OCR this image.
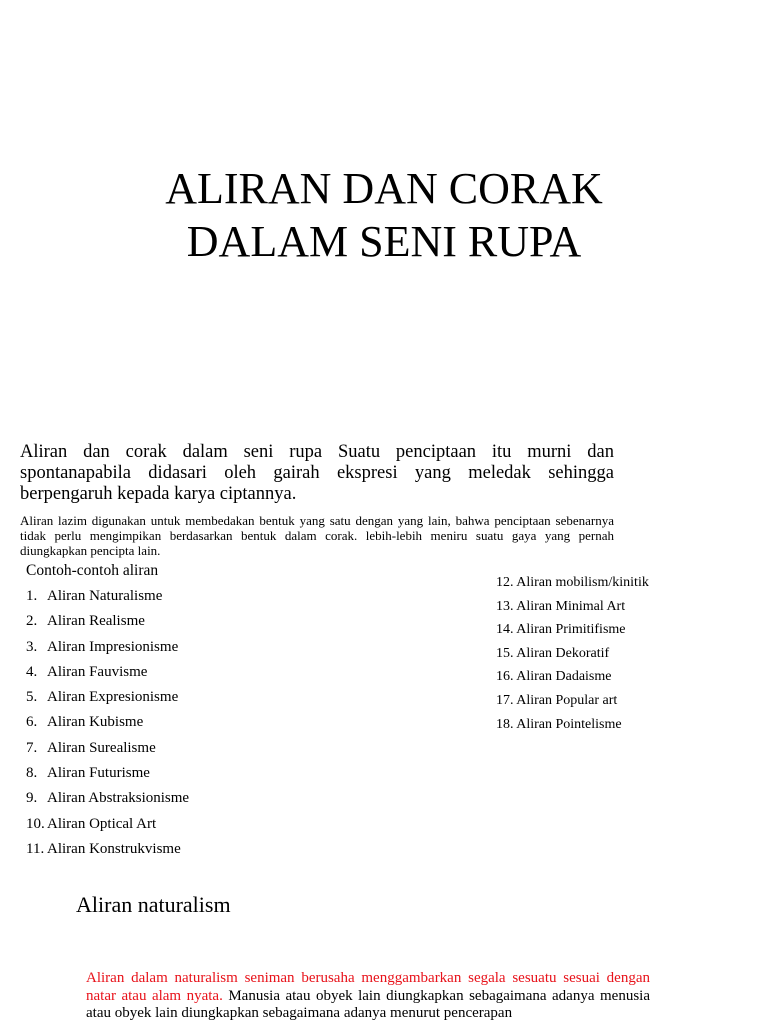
ALIRAN DAN CORAK
DALAM SENI RUPA

Aliran dan corak dalam seni rupa Suatu penciptaan itu murni dan spontanapabila didasari oleh gairah ekspresi yang meledak sehingga berpengaruh kepada karya ciptannya.

Aliran lazim digunakan untuk membedakan bentuk yang satu dengan yang lain, bahwa penciptaan sebenarnya tidak perlu mengimpikan berdasarkan bentuk dalam corak. lebih-lebih meniru suatu gaya yang pernah diungkapkan pencipta lain.

Contoh-contoh aliran

1. Aliran Naturalisme
2. Aliran Realisme
3. Aliran Impresionisme
4. Aliran Fauvisme
5. Aliran Expresionisme
6. Aliran Kubisme
7. Aliran Surealisme
8. Aliran Futurisme
9. Aliran Abstraksionisme
10. Aliran Optical Art
11. Aliran Konstrukvisme
12. Aliran mobilism/kinitik
13. Aliran Minimal Art
14. Aliran Primitifisme
15. Aliran Dekoratif
16. Aliran Dadaisme
17. Aliran Popular art
18. Aliran Pointelisme
Aliran naturalism

Aliran dalam naturalism seniman berusaha menggambarkan segala sesuatu sesuai dengan natar atau alam nyata. Manusia atau obyek lain diungkapkan sebagaimana adanya menusia atau obyek lain diungkapkan sebagaimana adanya menurut pencerapan
